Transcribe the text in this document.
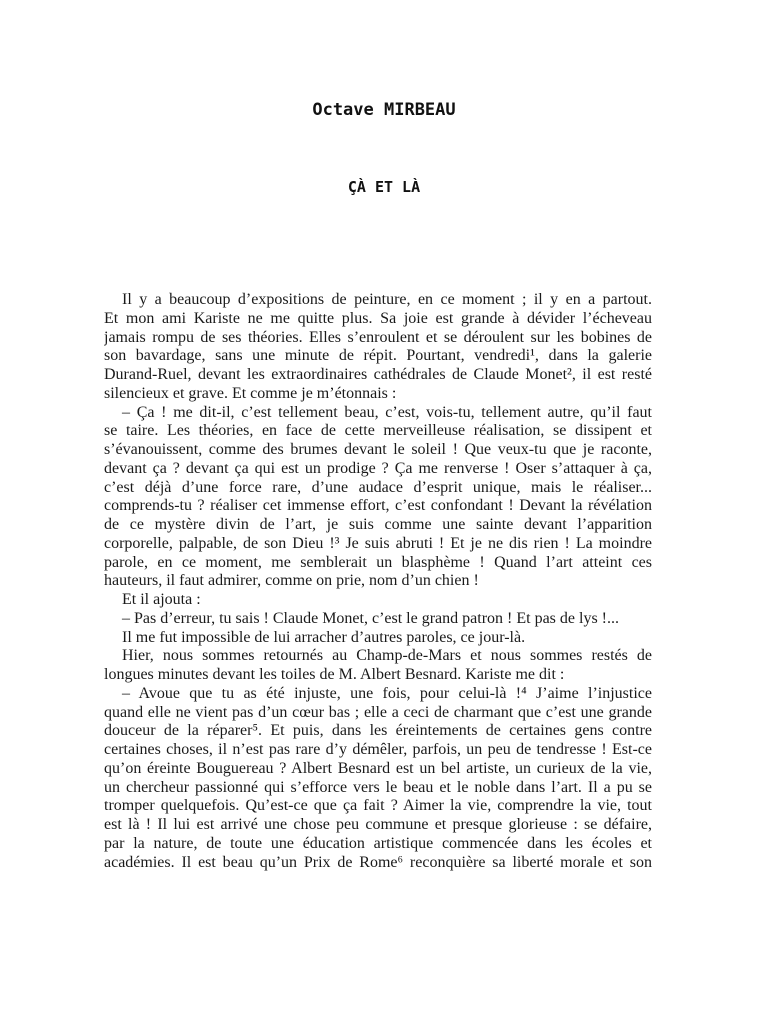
Octave MIRBEAU
ÇÀ ET LÀ
Il y a beaucoup d’expositions de peinture, en ce moment ; il y en a partout.
Et mon ami Kariste ne me quitte plus. Sa joie est grande à dévider l’écheveau
jamais rompu de ses théories. Elles s’enroulent et se déroulent sur les bobines de
son bavardage, sans une minute de répit. Pourtant, vendredi¹, dans la galerie
Durand-Ruel, devant les extraordinaires cathédrales de Claude Monet², il est resté
silencieux et grave. Et comme je m’étonnais :
– Ça ! me dit-il, c’est tellement beau, c’est, vois-tu, tellement autre, qu’il faut
se taire. Les théories, en face de cette merveilleuse réalisation, se dissipent et
s’évanouissent, comme des brumes devant le soleil ! Que veux-tu que je raconte,
devant ça ? devant ça qui est un prodige ? Ça me renverse ! Oser s’attaquer à ça,
c’est déjà d’une force rare, d’une audace d’esprit unique, mais le réaliser...
comprends-tu ? réaliser cet immense effort, c’est confondant ! Devant la révélation
de ce mystère divin de l’art, je suis comme une sainte devant l’apparition
corporelle, palpable, de son Dieu !³ Je suis abruti ! Et je ne dis rien ! La moindre
parole, en ce moment, me semblerait un blasphème ! Quand l’art atteint ces
hauteurs, il faut admirer, comme on prie, nom d’un chien !
Et il ajouta :
– Pas d’erreur, tu sais ! Claude Monet, c’est le grand patron ! Et pas de lys !...
Il me fut impossible de lui arracher d’autres paroles, ce jour-là.
Hier, nous sommes retournés au Champ-de-Mars et nous sommes restés de
longues minutes devant les toiles de M. Albert Besnard. Kariste me dit :
– Avoue que tu as été injuste, une fois, pour celui-là !⁴ J’aime l’injustice
quand elle ne vient pas d’un cœur bas ; elle a ceci de charmant que c’est une grande
douceur de la réparer⁵. Et puis, dans les éreintements de certaines gens contre
certaines choses, il n’est pas rare d’y démêler, parfois, un peu de tendresse ! Est-ce
qu’on éreinte Bouguereau ? Albert Besnard est un bel artiste, un curieux de la vie,
un chercheur passionné qui s’efforce vers le beau et le noble dans l’art. Il a pu se
tromper quelquefois. Qu’est-ce que ça fait ? Aimer la vie, comprendre la vie, tout
est là ! Il lui est arrivé une chose peu commune et presque glorieuse : se défaire,
par la nature, de toute une éducation artistique commencée dans les écoles et
académies. Il est beau qu’un Prix de Rome⁶ reconquière sa liberté morale et son
